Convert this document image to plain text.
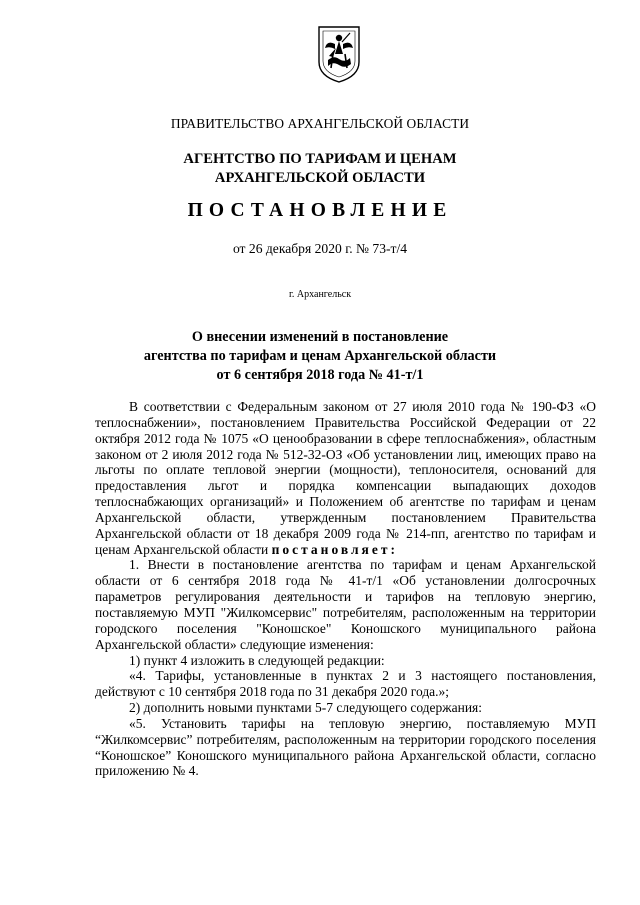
ПРАВИТЕЛЬСТВО АРХАНГЕЛЬСКОЙ ОБЛАСТИ
АГЕНТСТВО ПО ТАРИФАМ И ЦЕНАМ
АРХАНГЕЛЬСКОЙ ОБЛАСТИ
ПОСТАНОВЛЕНИЕ
от 26 декабря 2020 г. № 73-т/4
г. Архангельск
О внесении изменений в постановление
агентства по тарифам и ценам Архангельской области
от 6 сентября 2018 года № 41-т/1

В соответствии с Федеральным законом от 27 июля 2010 года № 190-ФЗ «О теплоснабжении», постановлением Правительства Российской Федерации от 22 октября 2012 года № 1075 «О ценообразовании в сфере теплоснабжения», областным законом от 2 июля 2012 года № 512-32-ОЗ «Об установлении лиц, имеющих право на льготы по оплате тепловой энергии (мощности), теплоносителя, оснований для предоставления льгот и порядка компенсации выпадающих доходов теплоснабжающих организаций» и Положением об агентстве по тарифам и ценам Архангельской области, утвержденным постановлением Правительства Архангельской области от 18 декабря 2009 года № 214-пп, агентство по тарифам и ценам Архангельской области постановляет:

1. Внести в постановление агентства по тарифам и ценам Архангельской области от 6 сентября 2018 года № 41-т/1 «Об установлении долгосрочных параметров регулирования деятельности и тарифов на тепловую энергию, поставляемую МУП "Жилкомсервис" потребителям, расположенным на территории городского поселения "Коношское" Коношского муниципального района Архангельской области» следующие изменения:

1) пункт 4 изложить в следующей редакции:

«4. Тарифы, установленные в пунктах 2 и 3 настоящего постановления, действуют с 10 сентября 2018 года по 31 декабря 2020 года.»;

2) дополнить новыми пунктами 5-7 следующего содержания:

«5. Установить тарифы на тепловую энергию, поставляемую МУП “Жилкомсервис” потребителям, расположенным на территории городского поселения “Коношское” Коношского муниципального района Архангельской области, согласно приложению № 4.
